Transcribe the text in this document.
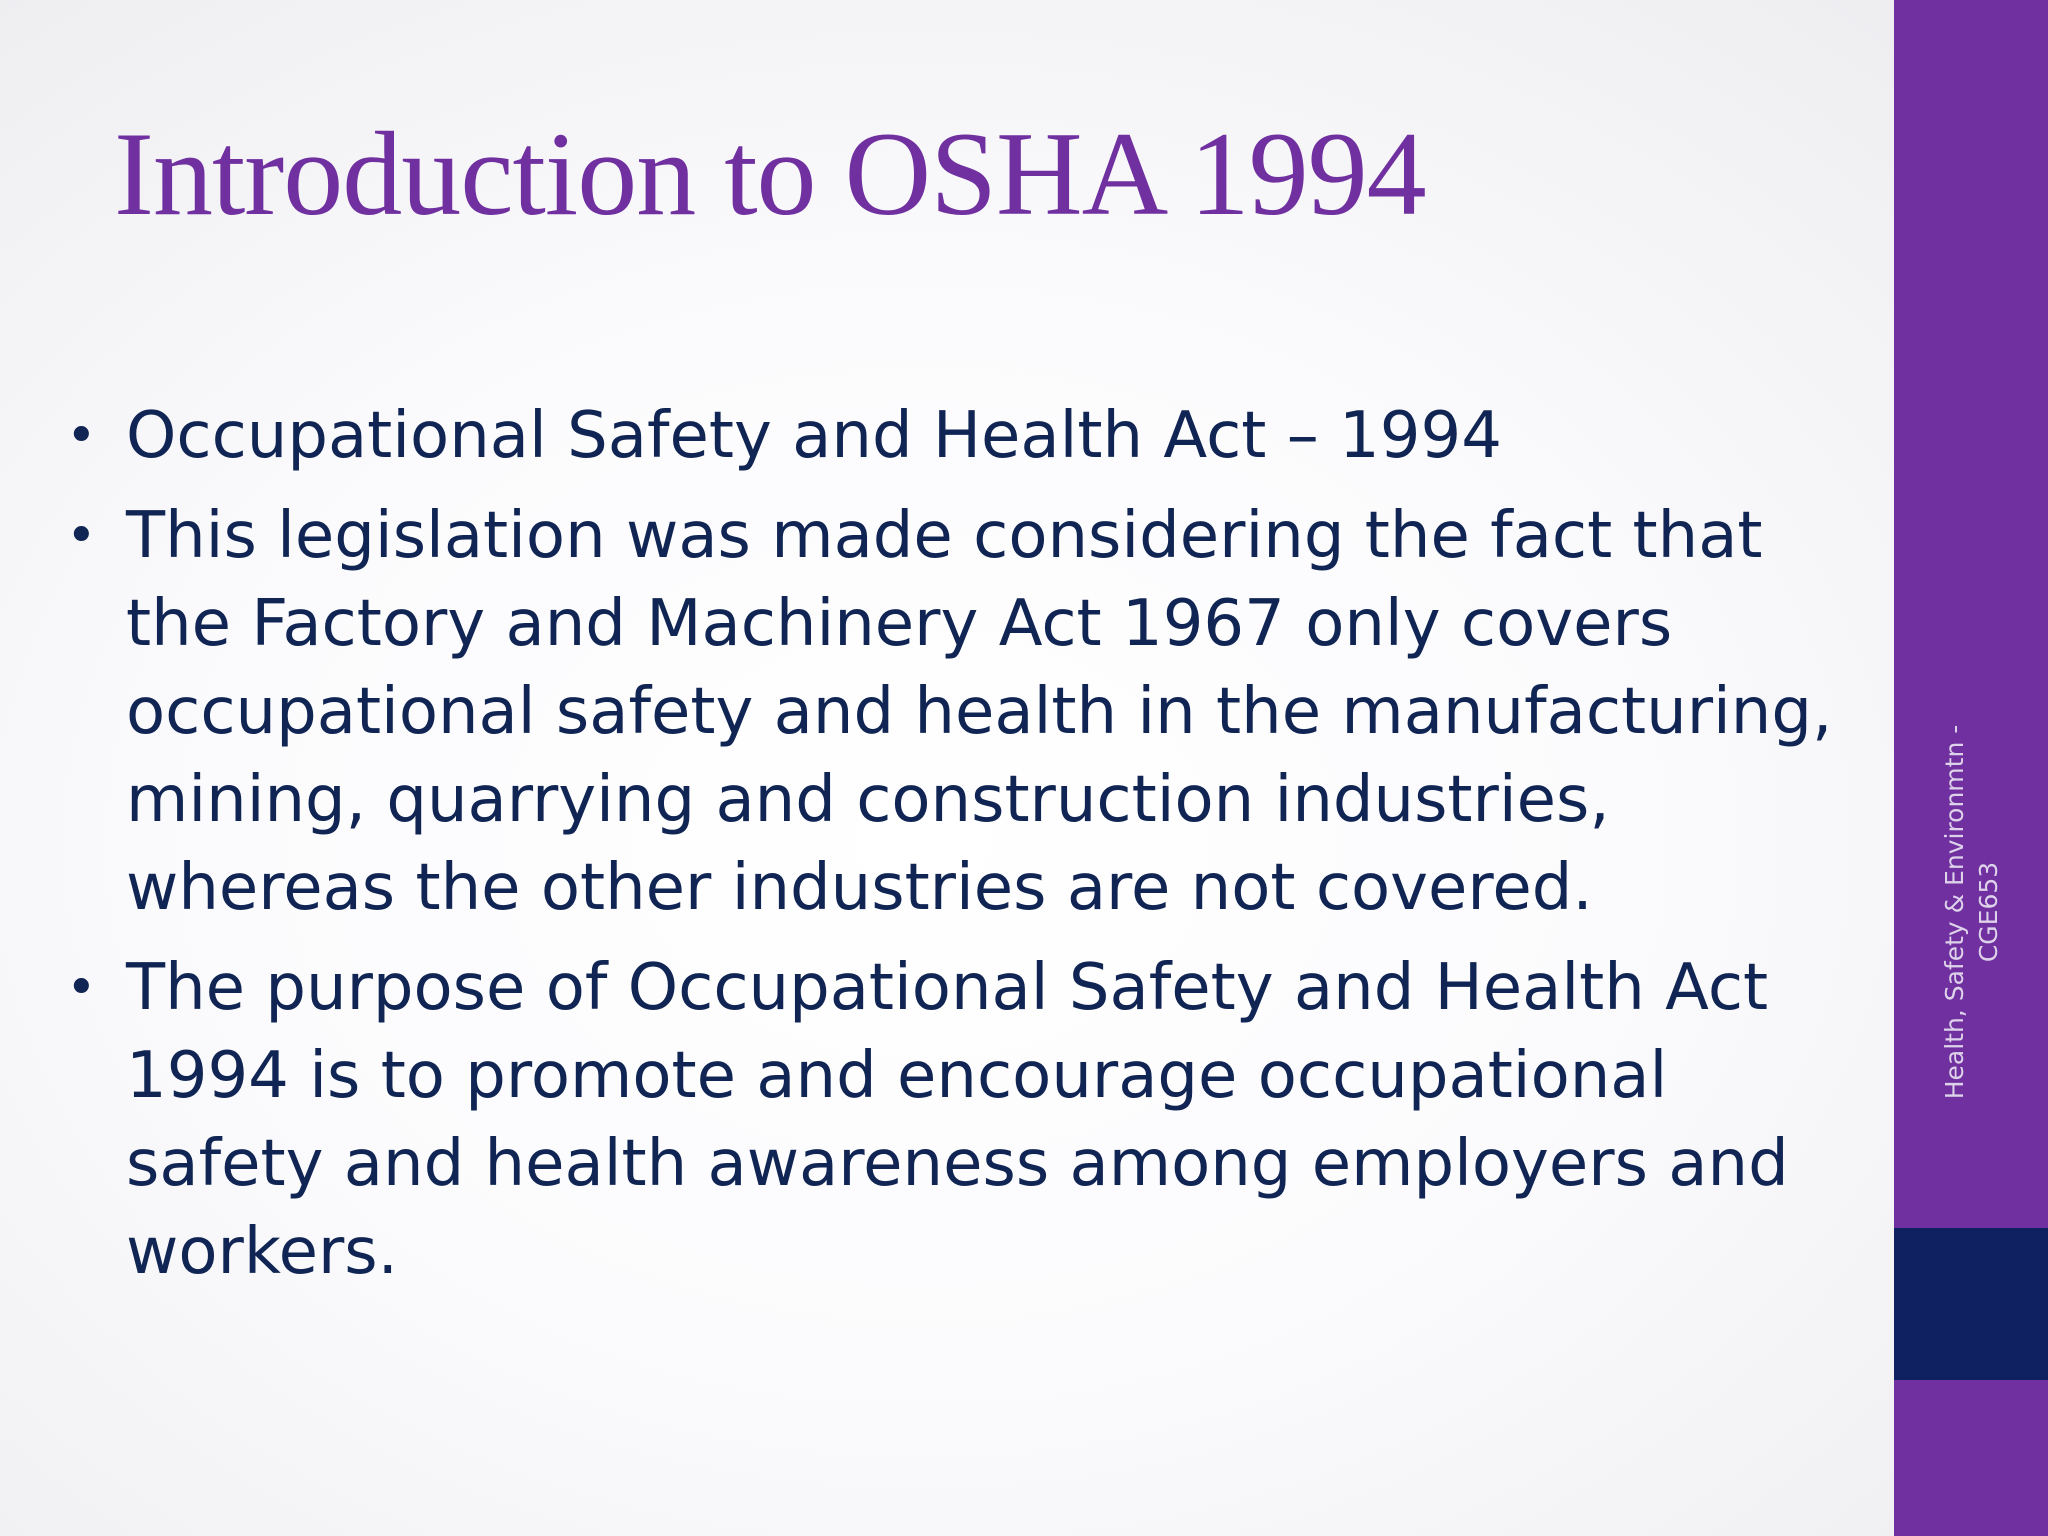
Introduction to OSHA 1994
• Occupational Safety and Health Act – 1994
• This legislation was made considering the fact that the Factory and Machinery Act 1967 only covers occupational safety and health in the manufacturing, mining, quarrying and construction industries, whereas the other industries are not covered.
• The purpose of Occupational Safety and Health Act 1994 is to promote and encourage occupational safety and health awareness among employers and workers.
Health, Safety & Environmtn - CGE653
